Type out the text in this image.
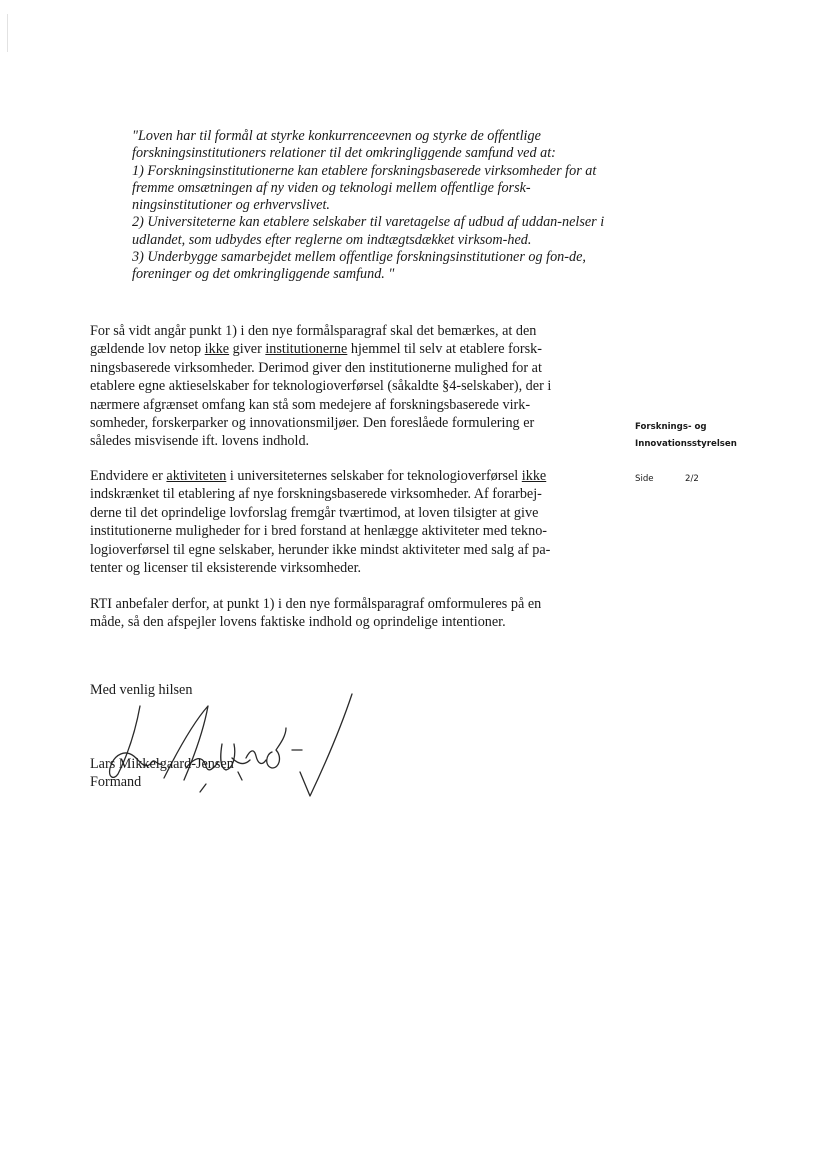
"Loven har til formål at styrke konkurrenceevnen og styrke de offentlige forskningsinstitutioners relationer til det omkringliggende samfund ved at:

1) Forskningsinstitutionerne kan etablere forskningsbaserede virksomheder for at fremme omsætningen af ny viden og teknologi mellem offentlige forsk-ningsinstitutioner og erhvervslivet.

2) Universiteterne kan etablere selskaber til varetagelse af udbud af uddan-nelser i udlandet, som udbydes efter reglerne om indtægtsdækket virksom-hed.

3) Underbygge samarbejdet mellem offentlige forskningsinstitutioner og fon-de, foreninger og det omkringliggende samfund. "

For så vidt angår punkt 1) i den nye formålsparagraf skal det bemærkes, at den
gældende lov netop ikke giver institutionerne hjemmel til selv at etablere forsk-
ningsbaserede virksomheder. Derimod giver den institutionerne mulighed for at
etablere egne aktieselskaber for teknologioverførsel (såkaldte §4-selskaber), der i
nærmere afgrænset omfang kan stå som medejere af forskningsbaserede virk-
somheder, forskerparker og innovationsmiljøer. Den foreslåede formulering er
således misvisende ift. lovens indhold.
Endvidere er aktiviteten i universiteternes selskaber for teknologioverførsel ikke
indskrænket til etablering af nye forskningsbaserede virksomheder. Af forarbej-
derne til det oprindelige lovforslag fremgår tværtimod, at loven tilsigter at give
institutionerne muligheder for i bred forstand at henlægge aktiviteter med tekno-
logioverførsel til egne selskaber, herunder ikke mindst aktiviteter med salg af pa-
tenter og licenser til eksisterende virksomheder.
RTI anbefaler derfor, at punkt 1) i den nye formålsparagraf omformuleres på en
måde, så den afspejler lovens faktiske indhold og oprindelige intentioner.
Med venlig hilsen
Lars Mikkelgaard-Jensen
Formand
Forsknings- og
Innovationsstyrelsen
Side	2/2
